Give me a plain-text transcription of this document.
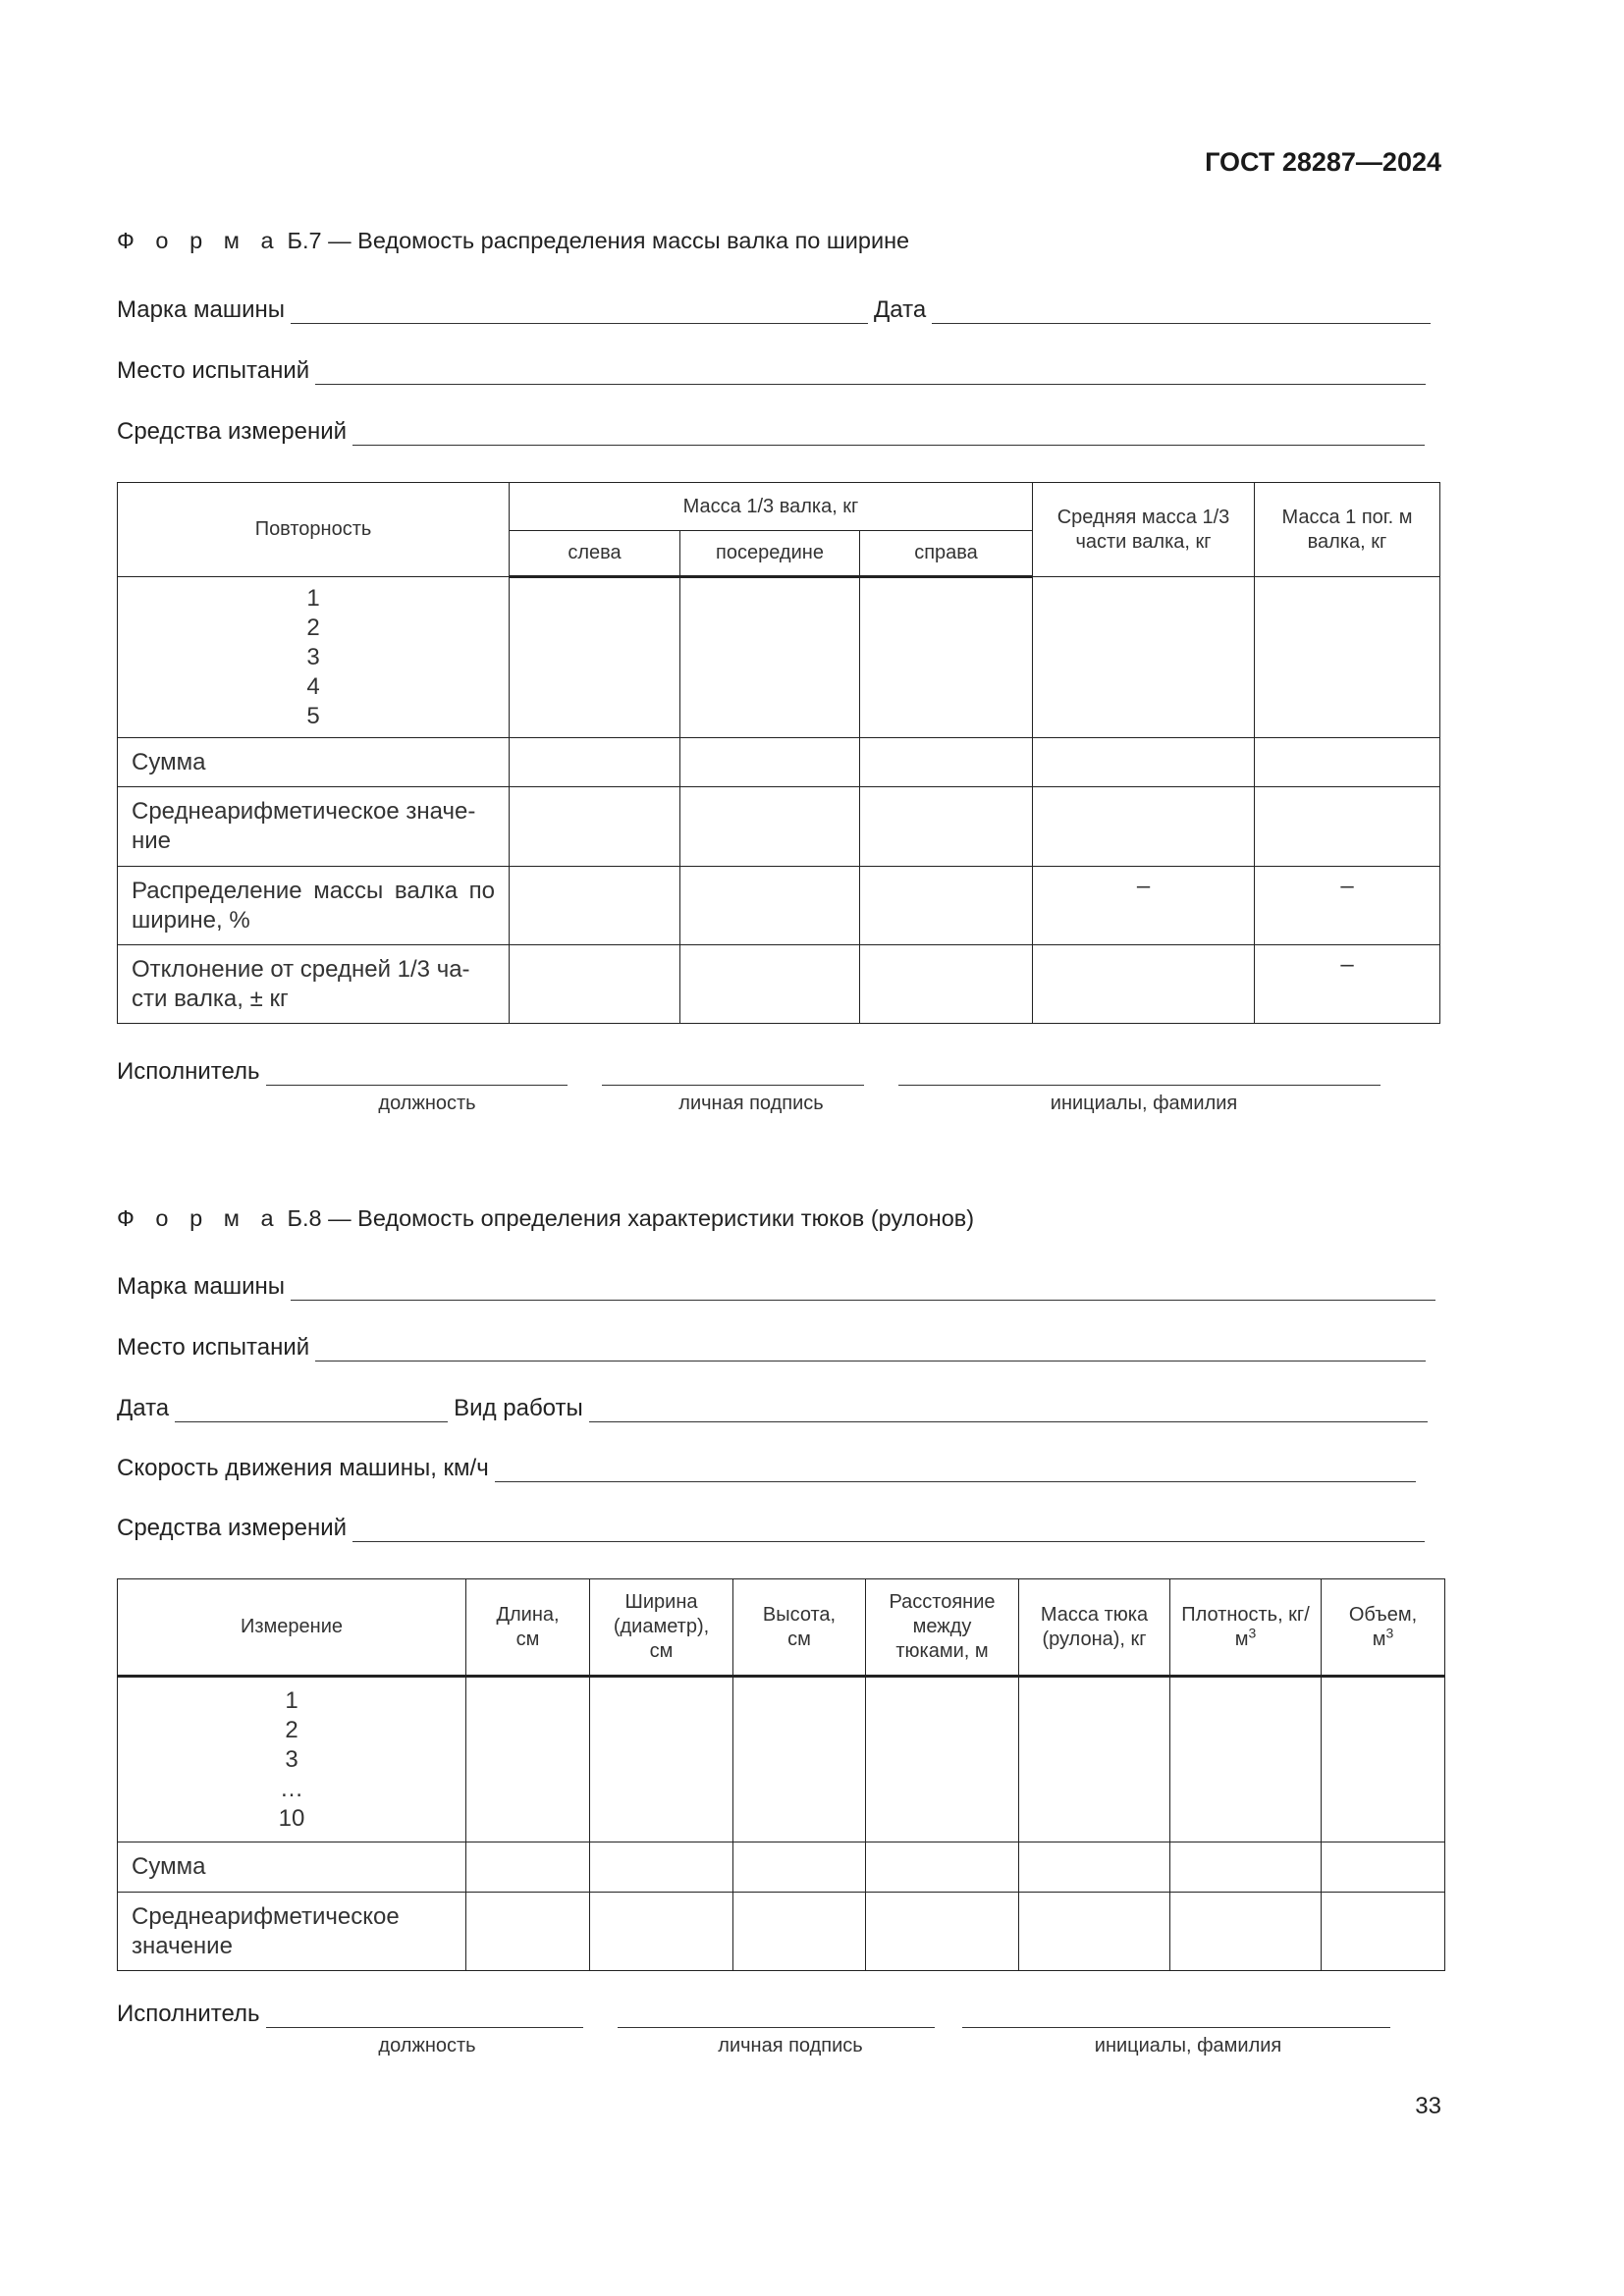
ГОСТ 28287—2024
Ф о р м а Б.7 — Ведомость распределения массы валка по ширине
Марка машины	Дата
Место испытаний
Средства измерений
Повторность	Масса 1/3 валка, кг			Средняя масса 1/3 части валка, кг	Масса 1 пог. м валка, кг
	слева	посередине	справа		

1
2
3
4
5					

Сумма					
Среднеарифметическое значе-ние					
Распределение массы валка по ширине, %				–	–
Отклонение от средней 1/3 ча-сти валка, ± кг					–
Исполнитель
должность	личная подпись	инициалы, фамилия
Ф о р м а Б.8 — Ведомость определения характеристики тюков (рулонов)
Марка машины
Место испытаний
Дата	Вид работы
Скорость движения машины, км/ч
Средства измерений
Измерение	Длина, см	Ширина (диаметр), см	Высота, см	Расстояние между тюками, м	Масса тюка (рулона), кг	Плотность, $кг/м^3$	Объем, $м^3$

1
2
3
…
10							

Сумма							
Среднеарифметическое значение							
Исполнитель
должность	личная подпись	инициалы, фамилия
33
